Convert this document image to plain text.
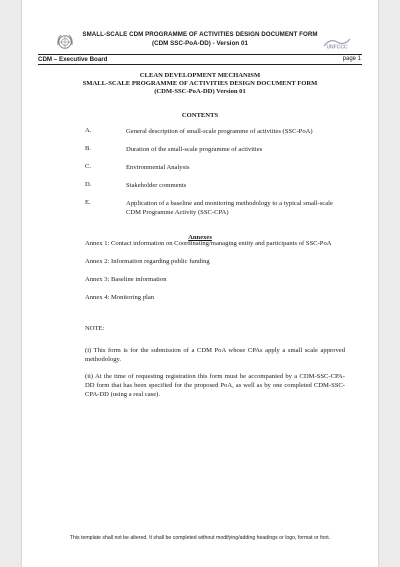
SMALL-SCALE CDM PROGRAMME OF ACTIVITIES DESIGN DOCUMENT FORM
(CDM SSC-PoA-DD) - Version 01
UNFCCC
CDM – Executive Board	page 1
CLEAN DEVELOPMENT MECHANISM
SMALL-SCALE PROGRAMME OF ACTIVITIES DESIGN DOCUMENT FORM
(CDM-SSC-PoA-DD) Version 01
CONTENTS
A.	General description of small-scale programme of activities (SSC-PoA)
B.	Duration of the small-scale programme of activities
C.	Environmental Analysis
D.	Stakeholder comments
E.	Application of a baseline and monitoring methodology to a typical small-scale
CDM Programme Activity (SSC-CPA)
Annexes
Annex 1: Contact information on Coordinating/managing entity and participants of SSC-PoA
Annex 2: Information regarding public funding
Annex 3: Baseline information
Annex 4: Monitoring plan
NOTE:
(i) This form is for the submission of a CDM PoA whose CPAs apply a small scale approved methodology.
(ii) At the time of requesting registration this form must be accompanied by a CDM-SSC-CPA-DD form that has been specified for the proposed PoA, as well as by one completed CDM-SSC-CPA-DD (using a real case).
This template shall not be altered. It shall be completed without modifying/adding headings or logo, format or font.
